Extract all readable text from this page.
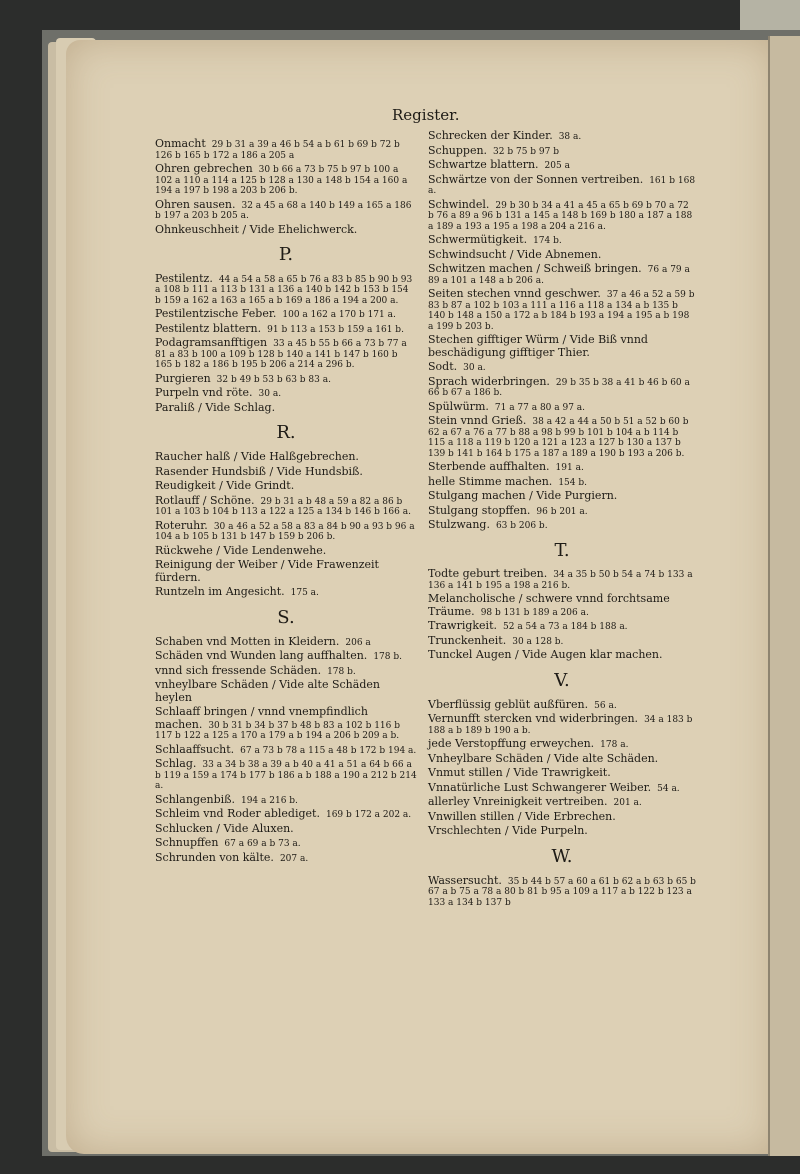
Register.
Onmacht 29 b 31 a 39 a 46 b 54 a b 61 b 69 b 72 b 126 b 165 b 172 a 186 a 205 a
Ohren gebrechen 30 b 66 a 73 b 75 b 97 b 100 a 102 a 110 a 114 a 125 b 128 a 130 a 148 b 154 a 160 a 194 a 197 b 198 a 203 b 206 b.
Ohren sausen. 32 a 45 a 68 a 140 b 149 a 165 a 186 b 197 a 203 b 205 a.
Ohnkeuschheit / Vide Ehelichwerck.
P.
Pestilentz. 44 a 54 a 58 a 65 b 76 a 83 b 85 b 90 b 93 a 108 b 111 a 113 b 131 a 136 a 140 b 142 b 153 b 154 b 159 a 162 a 163 a 165 a b 169 a 186 a 194 a 200 a.
Pestilentzische Feber. 100 a 162 a 170 b 171 a.
Pestilentz blattern. 91 b 113 a 153 b 159 a 161 b.
Podagramsanfftigen 33 a 45 b 55 b 66 a 73 b 77 a 81 a 83 b 100 a 109 b 128 b 140 a 141 b 147 b 160 b 165 b 182 a 186 b 195 b 206 a 214 a 296 b.
Purgieren 32 b 49 b 53 b 63 b 83 a.
Purpeln vnd röte. 30 a.
Paraliß / Vide Schlag.
R.
Raucher halß / Vide Halßgebrechen.
Rasender Hundsbiß / Vide Hundsbiß.
Reudigkeit / Vide Grindt.
Rotlauff / Schöne. 29 b 31 a b 48 a 59 a 82 a 86 b 101 a 103 b 104 b 113 a 122 a 125 a 134 b 146 b 166 a.
Roteruhr. 30 a 46 a 52 a 58 a 83 a 84 b 90 a 93 b 96 a 104 a b 105 b 131 b 147 b 159 b 206 b.
Rückwehe / Vide Lendenwehe.
Reinigung der Weiber / Vide Frawenzeit fürdern.
Runtzeln im Angesicht. 175 a.
S.
Schaben vnd Motten in Kleidern. 206 a
Schäden vnd Wunden lang auffhalten. 178 b.
vnnd sich fressende Schäden. 178 b.
vnheylbare Schäden / Vide alte Schäden heylen
Schlaaff bringen / vnnd vnempfindlich machen. 30 b 31 b 34 b 37 b 48 b 83 a 102 b 116 b 117 b 122 a 125 a 170 a 179 a b 194 a 206 b 209 a b.
Schlaaffsucht. 67 a 73 b 78 a 115 a 48 b 172 b 194 a.
Schlag. 33 a 34 b 38 a 39 a b 40 a 41 a 51 a 64 b 66 a b 119 a 159 a 174 b 177 b 186 a b 188 a 190 a 212 b 214 a.
Schlangenbiß. 194 a 216 b.
Schleim vnd Roder ablediget. 169 b 172 a 202 a.
Schlucken / Vide Aluxen.
Schnupffen 67 a 69 a b 73 a.
Schrunden von kälte. 207 a.
Schrecken der Kinder. 38 a.
Schuppen. 32 b 75 b 97 b
Schwartze blattern. 205 a
Schwärtze von der Sonnen vertreiben. 161 b 168 a.
Schwindel. 29 b 30 b 34 a 41 a 45 a 65 b 69 b 70 a 72 b 76 a 89 a 96 b 131 a 145 a 148 b 169 b 180 a 187 a 188 a 189 a 193 a 195 a 198 a 204 a 216 a.
Schwermütigkeit. 174 b.
Schwindsucht / Vide Abnemen.
Schwitzen machen / Schweiß bringen. 76 a 79 a 89 a 101 a 148 a b 206 a.
Seiten stechen vnnd geschwer. 37 a 46 a 52 a 59 b 83 b 87 a 102 b 103 a 111 a 116 a 118 a 134 a b 135 b 140 b 148 a 150 a 172 a b 184 b 193 a 194 a 195 a b 198 a 199 b 203 b.
Stechen gifftiger Würm / Vide Biß vnnd beschädigung gifftiger Thier.
Sodt. 30 a.
Sprach widerbringen. 29 b 35 b 38 a 41 b 46 b 60 a 66 b 67 a 186 b.
Spülwürm. 71 a 77 a 80 a 97 a.
Stein vnnd Grieß. 38 a 42 a 44 a 50 b 51 a 52 b 60 b 62 a 67 a 76 a 77 b 88 a 98 b 99 b 101 b 104 a b 114 b 115 a 118 a 119 b 120 a 121 a 123 a 127 b 130 a 137 b 139 b 141 b 164 b 175 a 187 a 189 a 190 b 193 a 206 b.
Sterbende auffhalten. 191 a.
helle Stimme machen. 154 b.
Stulgang machen / Vide Purgiern.
Stulgang stopffen. 96 b 201 a.
Stulzwang. 63 b 206 b.
T.
Todte geburt treiben. 34 a 35 b 50 b 54 a 74 b 133 a 136 a 141 b 195 a 198 a 216 b.
Melancholische / schwere vnnd forchtsame Träume. 98 b 131 b 189 a 206 a.
Trawrigkeit. 52 a 54 a 73 a 184 b 188 a.
Trunckenheit. 30 a 128 b.
Tunckel Augen / Vide Augen klar machen.
V.
Vberflüssig geblüt außfüren. 56 a.
Vernunfft stercken vnd widerbringen. 34 a 183 b 188 a b 189 b 190 a b.
jede Verstopffung erweychen. 178 a.
Vnheylbare Schäden / Vide alte Schäden.
Vnmut stillen / Vide Trawrigkeit.
Vnnatürliche Lust Schwangerer Weiber. 54 a.
allerley Vnreinigkeit vertreiben. 201 a.
Vnwillen stillen / Vide Erbrechen.
Vrschlechten / Vide Purpeln.
W.
Wassersucht. 35 b 44 b 57 a 60 a 61 b 62 a b 63 b 65 b 67 a b 75 a 78 a 80 b 81 b 95 a 109 a 117 a b 122 b 123 a 133 a 134 b 137 b
